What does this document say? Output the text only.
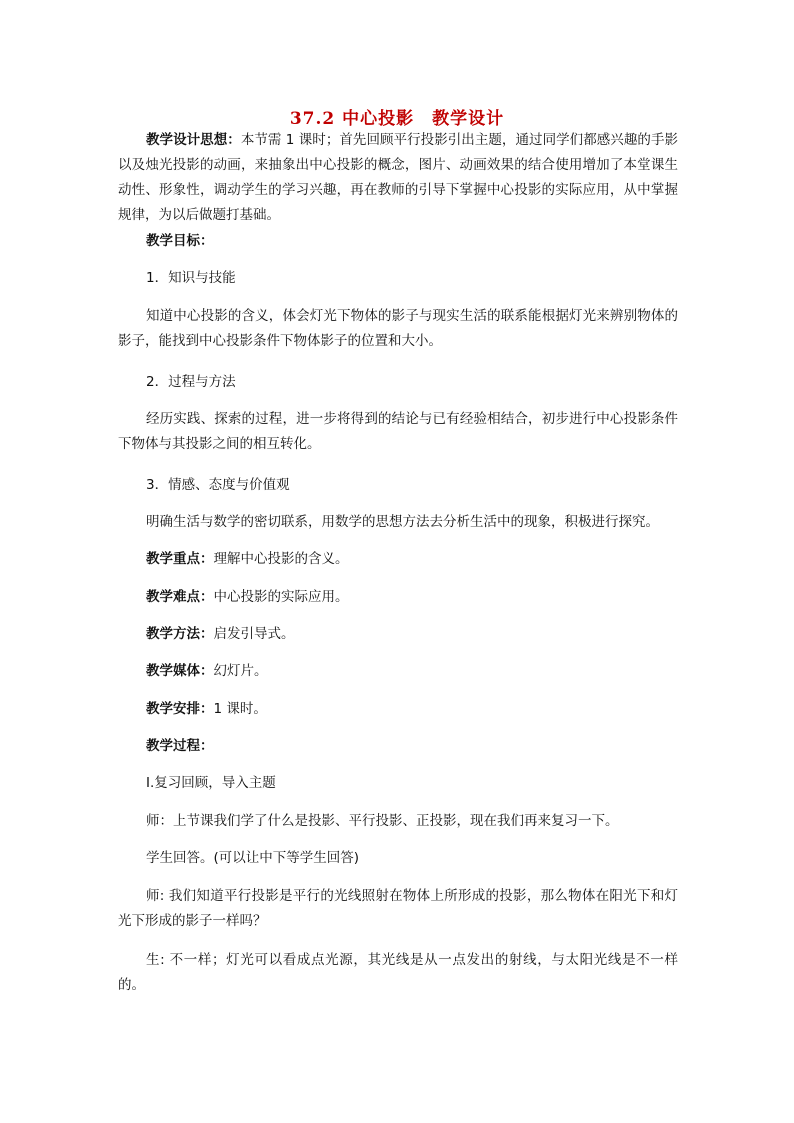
37.2 中心投影　教学设计

教学设计思想：本节需 1 课时；首先回顾平行投影引出主题，通过同学们都感兴趣的手影以及烛光投影的动画，来抽象出中心投影的概念，图片、动画效果的结合使用增加了本堂课生动性、形象性，调动学生的学习兴趣，再在教师的引导下掌握中心投影的实际应用，从中掌握规律，为以后做题打基础。

教学目标：

1．知识与技能

知道中心投影的含义，体会灯光下物体的影子与现实生活的联系能根据灯光来辨别物体的影子，能找到中心投影条件下物体影子的位置和大小。

2．过程与方法

经历实践、探索的过程，进一步将得到的结论与已有经验相结合，初步进行中心投影条件下物体与其投影之间的相互转化。

3．情感、态度与价值观

明确生活与数学的密切联系，用数学的思想方法去分析生活中的现象，积极进行探究。

教学重点：理解中心投影的含义。

教学难点：中心投影的实际应用。

教学方法：启发引导式。

教学媒体：幻灯片。

教学安排：1 课时。

教学过程：

Ⅰ.复习回顾，导入主题

师：上节课我们学了什么是投影、平行投影、正投影，现在我们再来复习一下。

学生回答。(可以让中下等学生回答)

师: 我们知道平行投影是平行的光线照射在物体上所形成的投影，那么物体在阳光下和灯光下形成的影子一样吗？

生: 不一样；灯光可以看成点光源，其光线是从一点发出的射线，与太阳光线是不一样的。
